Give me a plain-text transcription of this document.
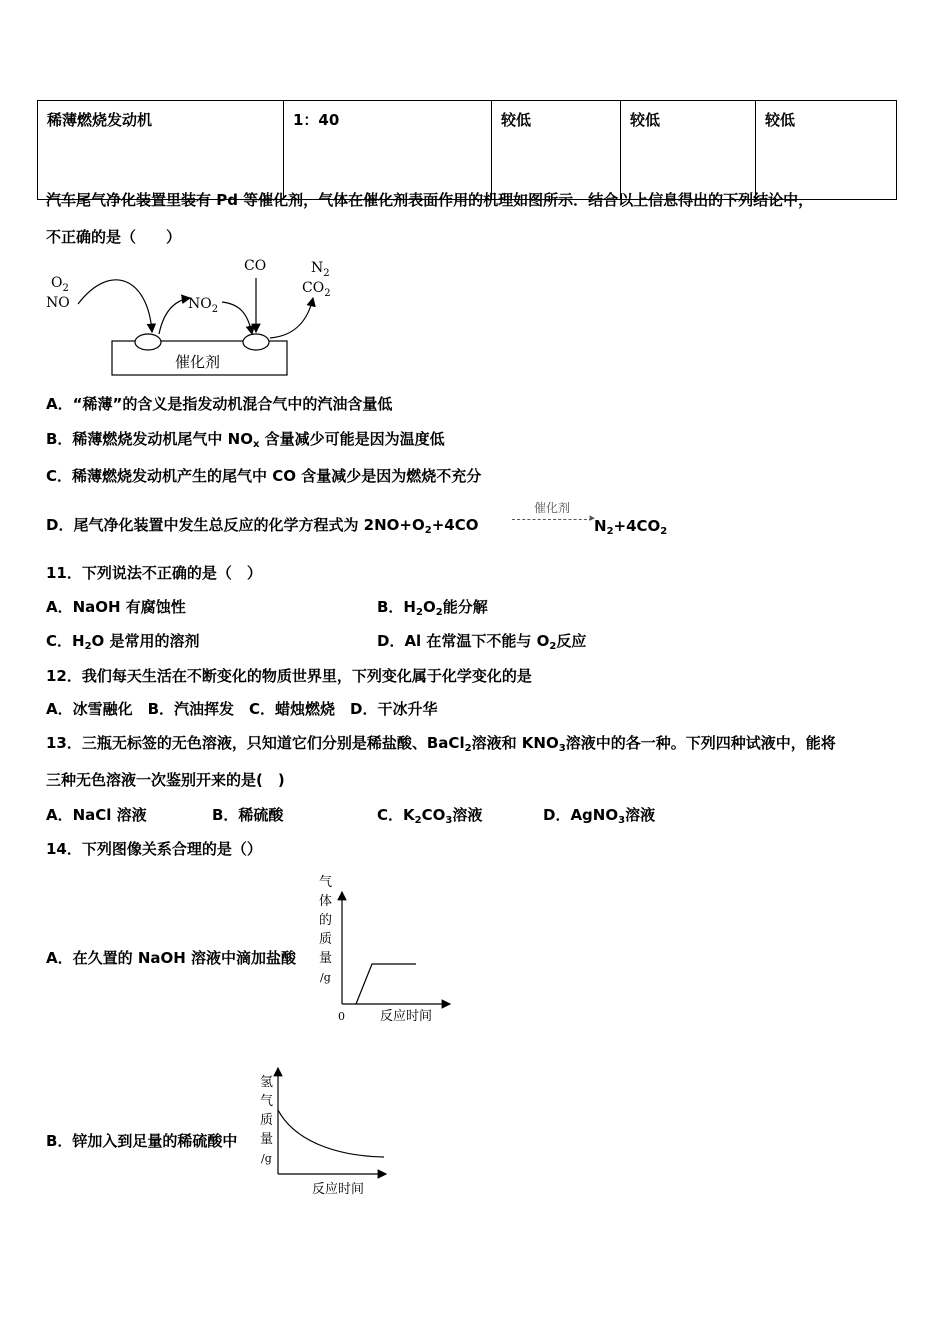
稀薄燃烧发动机	1：40	较低	较低	较低
汽车尾气净化装置里装有 Pd 等催化剂，气体在催化剂表面作用的机理如图所示．结合以上信息得出的下列结论中，
不正确的是（　　）
$O_2$
NO	$NO_2$
CO	$N_2$
$CO_2$
催化剂
A．“稀薄”的含义是指发动机混合气中的汽油含量低
B．稀薄燃烧发动机尾气中 $NO_x$ 含量减少可能是因为温度低
C．稀薄燃烧发动机产生的尾气中 CO 含量减少是因为燃烧不充分
D．尾气净化装置中发生总反应的化学方程式为 $2NO+O_2+4CO$
催化剂
▸ $N_2+4CO_2$
11．下列说法不正确的是（　）
A．NaOH 有腐蚀性	B．$H_2O_2$能分解
C．$H_2O$ 是常用的溶剂	D．Al 在常温下不能与 $O_2$反应
12．我们每天生活在不断变化的物质世界里，下列变化属于化学变化的是
A．冰雪融化　B．汽油挥发　C．蜡烛燃烧　D．干冰升华
13．三瓶无标签的无色溶液，只知道它们分别是稀盐酸、BaCl$_2$溶液和 $KNO_3$溶液中的各一种。下列四种试液中，能将
三种无色溶液一次鉴别开来的是(　)
A．NaCl 溶液	B．稀硫酸	C．$K_2CO_3$溶液	D．AgNO$_3$溶液
14．下列图像关系合理的是（）
A．在久置的 NaOH 溶液中滴加盐酸
气
体
的
质
量
/g
0	反应时间
B．锌加入到足量的稀硫酸中
氢
气
质
量
/g
反应时间
